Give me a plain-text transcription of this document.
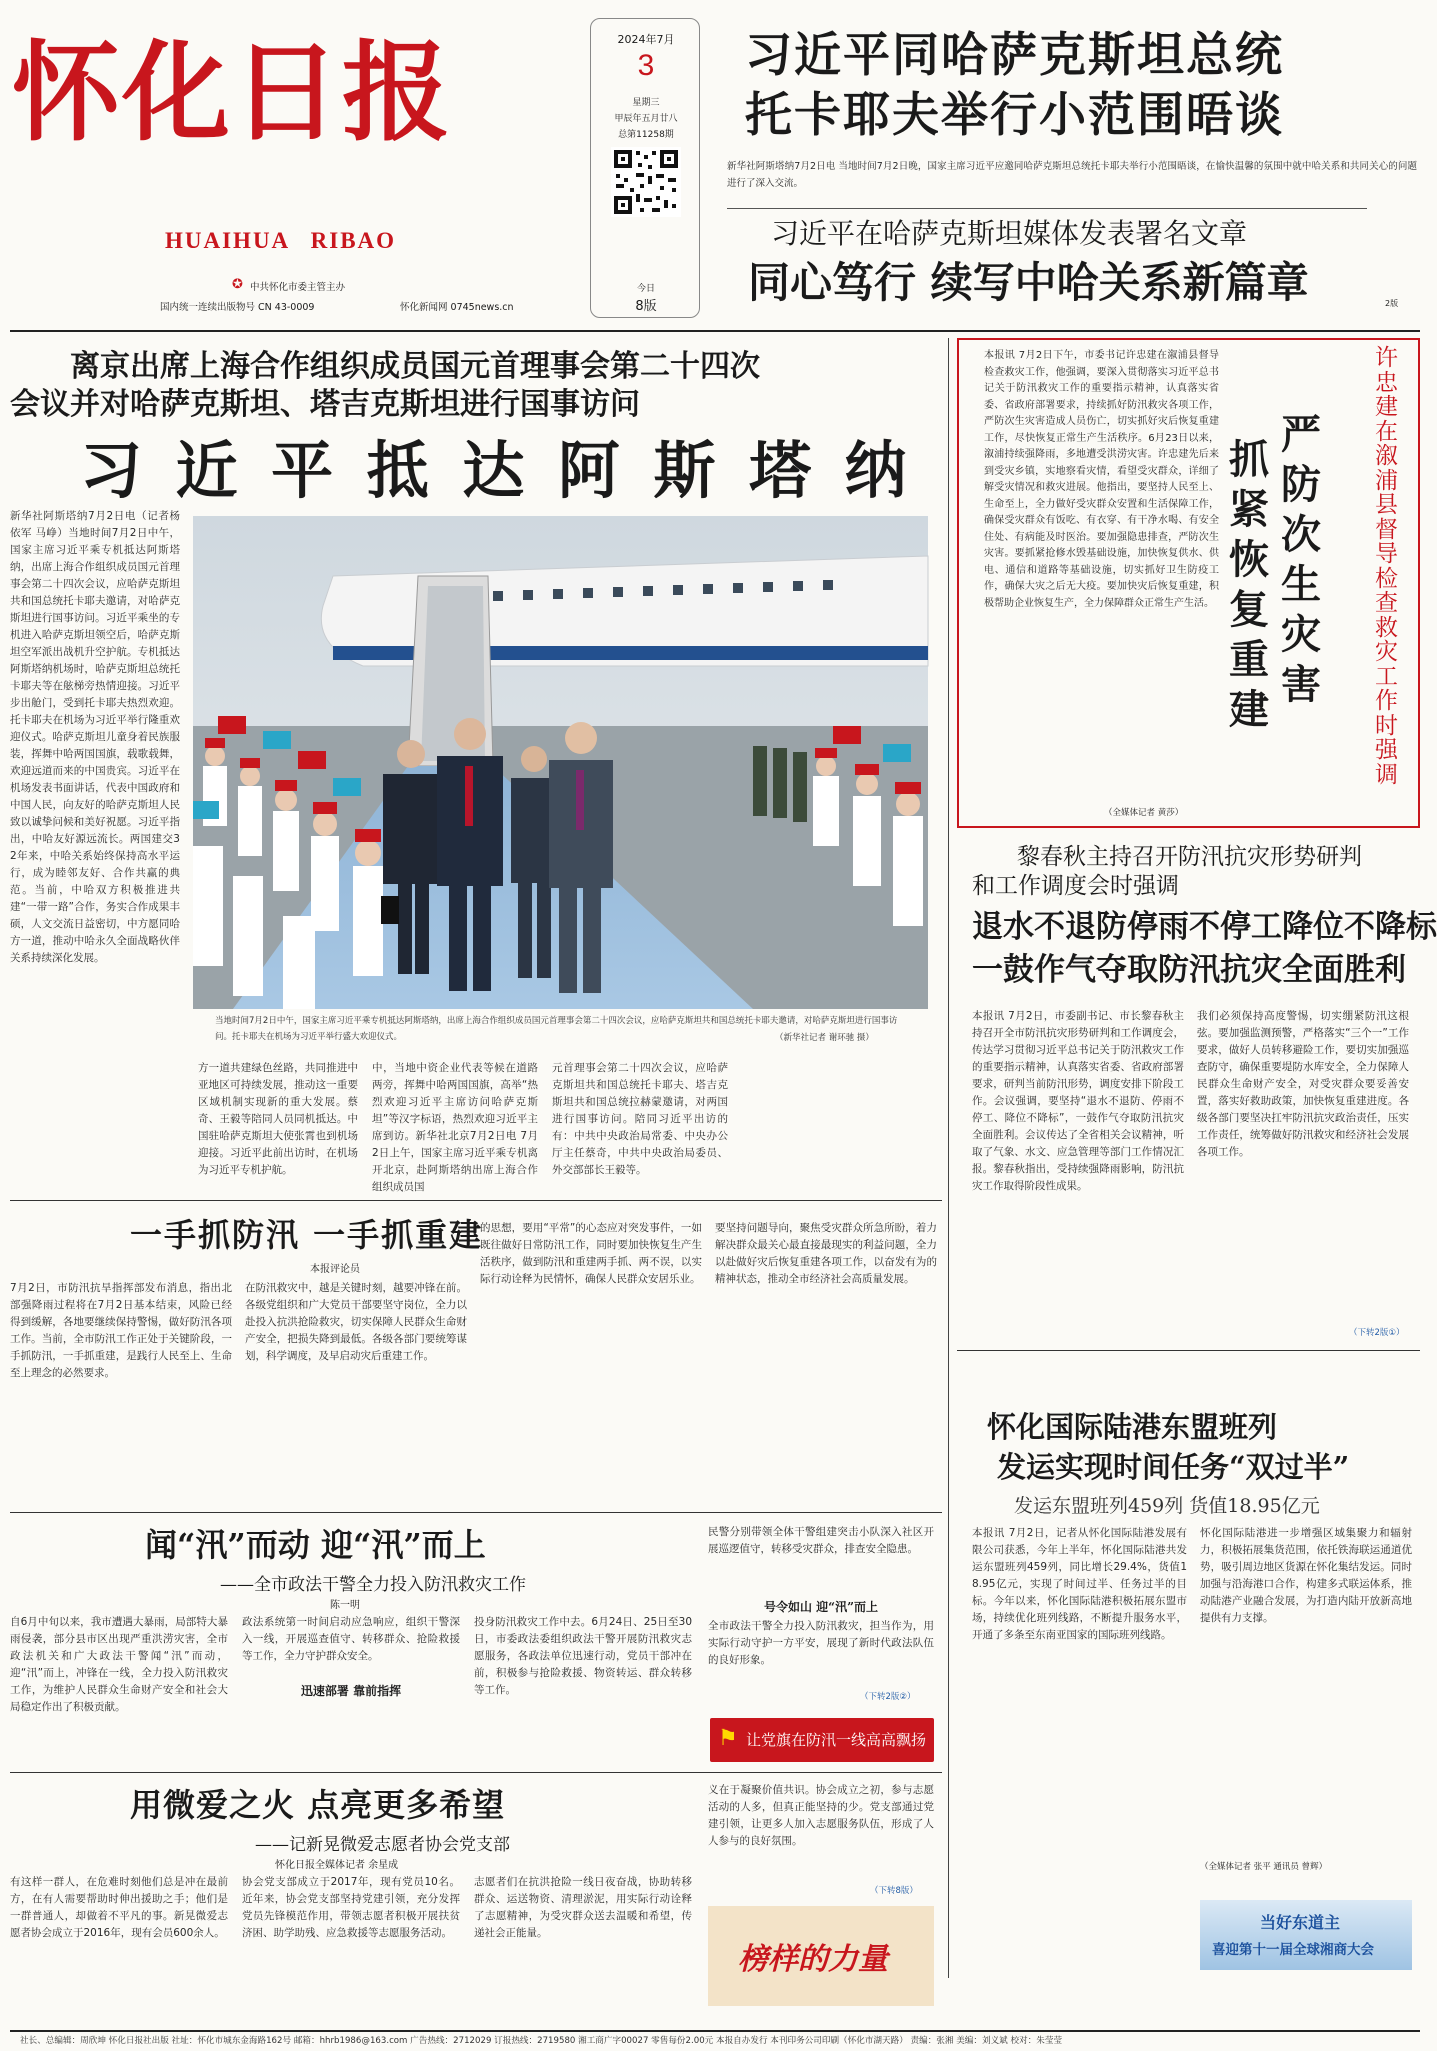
怀化日报
HUAIHUA RIBAO
✪ 中共怀化市委主管主办
国内统一连续出版物号 CN 43-0009	怀化新闻网 0745news.cn
2024年7月
3
星期三
甲辰年五月廿八
总第11258期
今日
8版
习近平同哈萨克斯坦总统
托卡耶夫举行小范围晤谈
新华社阿斯塔纳7月2日电 当地时间7月2日晚，国家主席习近平应邀同哈萨克斯坦总统托卡耶夫举行小范围晤谈，在愉快温馨的氛围中就中哈关系和共同关心的问题进行了深入交流。
习近平在哈萨克斯坦媒体发表署名文章
同心笃行 续写中哈关系新篇章	2版
离京出席上海合作组织成员国元首理事会第二十四次
会议并对哈萨克斯坦、塔吉克斯坦进行国事访问
习 近 平 抵 达 阿 斯 塔 纳
新华社阿斯塔纳7月2日电（记者杨依军 马峥）当地时间7月2日中午，国家主席习近平乘专机抵达阿斯塔纳，出席上海合作组织成员国元首理事会第二十四次会议，应哈萨克斯坦共和国总统托卡耶夫邀请，对哈萨克斯坦进行国事访问。习近平乘坐的专机进入哈萨克斯坦领空后，哈萨克斯坦空军派出战机升空护航。专机抵达阿斯塔纳机场时，哈萨克斯坦总统托卡耶夫等在舷梯旁热情迎接。习近平步出舱门，受到托卡耶夫热烈欢迎。托卡耶夫在机场为习近平举行隆重欢迎仪式。哈萨克斯坦儿童身着民族服装，挥舞中哈两国国旗，载歌载舞，欢迎远道而来的中国贵宾。习近平在机场发表书面讲话，代表中国政府和中国人民，向友好的哈萨克斯坦人民致以诚挚问候和美好祝愿。习近平指出，中哈友好源远流长。两国建交32年来，中哈关系始终保持高水平运行，成为睦邻友好、合作共赢的典范。当前，中哈双方积极推进共建“一带一路”合作，务实合作成果丰硕，人文交流日益密切，中方愿同哈方一道，推动中哈永久全面战略伙伴关系持续深化发展。
当地时间7月2日中午，国家主席习近平乘专机抵达阿斯塔纳，出席上海合作组织成员国元首理事会第二十四次会议，应哈萨克斯坦共和国总统托卡耶夫邀请，对哈萨克斯坦进行国事访问。托卡耶夫在机场为习近平举行盛大欢迎仪式。	（新华社记者 谢环驰 摄）
方一道共建绿色丝路，共同推进中亚地区可持续发展，推动这一重要区域机制实现新的重大发展。蔡奇、王毅等陪同人员同机抵达。中国驻哈萨克斯坦大使张霄也到机场迎接。习近平此前出访时，在机场为习近平专机护航。
中，当地中资企业代表等候在道路两旁，挥舞中哈两国国旗，高举“热烈欢迎习近平主席访问哈萨克斯坦”等汉字标语，热烈欢迎习近平主席到访。新华社北京7月2日电 7月2日上午，国家主席习近平乘专机离开北京，赴阿斯塔纳出席上海合作组织成员国
元首理事会第二十四次会议，应哈萨克斯坦共和国总统托卡耶夫、塔吉克斯坦共和国总统拉赫蒙邀请，对两国进行国事访问。陪同习近平出访的有：中共中央政治局常委、中央办公厅主任蔡奇，中共中央政治局委员、外交部部长王毅等。
本报讯 7月2日下午，市委书记许忠建在溆浦县督导检查救灾工作，他强调，要深入贯彻落实习近平总书记关于防汛救灾工作的重要指示精神，认真落实省委、省政府部署要求，持续抓好防汛救灾各项工作，严防次生灾害造成人员伤亡，切实抓好灾后恢复重建工作，尽快恢复正常生产生活秩序。6月23日以来，溆浦持续强降雨，多地遭受洪涝灾害。许忠建先后来到受灾乡镇，实地察看灾情，看望受灾群众，详细了解受灾情况和救灾进展。他指出，要坚持人民至上、生命至上，全力做好受灾群众安置和生活保障工作，确保受灾群众有饭吃、有衣穿、有干净水喝、有安全住处、有病能及时医治。要加强隐患排查，严防次生灾害。要抓紧抢修水毁基础设施，加快恢复供水、供电、通信和道路等基础设施，切实抓好卫生防疫工作，确保大灾之后无大疫。要加快灾后恢复重建，积极帮助企业恢复生产，全力保障群众正常生产生活。
（全媒体记者 黄莎）
严防次生灾害
抓紧恢复重建
许忠建在溆浦县督导检查救灾工作时强调
黎春秋主持召开防汛抗灾形势研判
和工作调度会时强调
退水不退防停雨不停工降位不降标
一鼓作气夺取防汛抗灾全面胜利
本报讯 7月2日，市委副书记、市长黎春秋主持召开全市防汛抗灾形势研判和工作调度会，传达学习贯彻习近平总书记关于防汛救灾工作的重要指示精神，认真落实省委、省政府部署要求，研判当前防汛形势，调度安排下阶段工作。会议强调，要坚持“退水不退防、停雨不停工、降位不降标”，一鼓作气夺取防汛抗灾全面胜利。会议传达了全省相关会议精神，听取了气象、水文、应急管理等部门工作情况汇报。黎春秋指出，受持续强降雨影响，防汛抗灾工作取得阶段性成果。
我们必须保持高度警惕，切实绷紧防汛这根弦。要加强监测预警，严格落实“三个一”工作要求，做好人员转移避险工作，要切实加强巡查防守，确保重要堤防水库安全，全力保障人民群众生命财产安全，对受灾群众要妥善安置，落实好救助政策，加快恢复重建进度。各级各部门要坚决扛牢防汛抗灾政治责任，压实工作责任，统筹做好防汛救灾和经济社会发展各项工作。
（下转2版①）
一手抓防汛 一手抓重建
本报评论员
7月2日，市防汛抗旱指挥部发布消息，指出北部强降雨过程将在7月2日基本结束，风险已经得到缓解，各地要继续保持警惕，做好防汛各项工作。当前，全市防汛工作正处于关键阶段，一手抓防汛，一手抓重建，是践行人民至上、生命至上理念的必然要求。
在防汛救灾中，越是关键时刻，越要冲锋在前。各级党组织和广大党员干部要坚守岗位，全力以赴投入抗洪抢险救灾，切实保障人民群众生命财产安全，把损失降到最低。各级各部门要统筹谋划，科学调度，及早启动灾后重建工作。
的思想，要用“平常”的心态应对突发事件，一如既往做好日常防汛工作，同时要加快恢复生产生活秩序，做到防汛和重建两手抓、两不误，以实际行动诠释为民情怀，确保人民群众安居乐业。
要坚持问题导向，聚焦受灾群众所急所盼，着力解决群众最关心最直接最现实的利益问题，全力以赴做好灾后恢复重建各项工作，以奋发有为的精神状态，推动全市经济社会高质量发展。
闻“汛”而动 迎“汛”而上
——全市政法干警全力投入防汛救灾工作
陈一明
自6月中旬以来，我市遭遇大暴雨，局部特大暴雨侵袭，部分县市区出现严重洪涝灾害，全市政法机关和广大政法干警闻“汛”而动，迎“汛”而上，冲锋在一线，全力投入防汛救灾工作，为维护人民群众生命财产安全和社会大局稳定作出了积极贡献。
政法系统第一时间启动应急响应，组织干警深入一线，开展巡查值守、转移群众、抢险救援等工作，全力守护群众安全。
迅速部署 靠前指挥
投身防汛救灾工作中去。6月24日、25日至30日，市委政法委组织政法干警开展防汛救灾志愿服务，各政法单位迅速行动，党员干部冲在前，积极参与抢险救援、物资转运、群众转移等工作。
民警分别带领全体干警组建突击小队深入社区开展巡逻值守，转移受灾群众，排查安全隐患。
号令如山 迎“汛”而上
全市政法干警全力投入防汛救灾，担当作为，用实际行动守护一方平安，展现了新时代政法队伍的良好形象。
（下转2版②）
⚑ 让党旗在防汛一线高高飘扬
用微爱之火 点亮更多希望
——记新晃微爱志愿者协会党支部
怀化日报全媒体记者 余星成
有这样一群人，在危难时刻他们总是冲在最前方，在有人需要帮助时伸出援助之手；他们是一群普通人，却做着不平凡的事。新晃微爱志愿者协会成立于2016年，现有会员600余人。
协会党支部成立于2017年，现有党员10名。近年来，协会党支部坚持党建引领，充分发挥党员先锋模范作用，带领志愿者积极开展扶贫济困、助学助残、应急救援等志愿服务活动。
志愿者们在抗洪抢险一线日夜奋战，协助转移群众、运送物资、清理淤泥，用实际行动诠释了志愿精神，为受灾群众送去温暖和希望，传递社会正能量。
义在于凝聚价值共识。协会成立之初，参与志愿活动的人多，但真正能坚持的少。党支部通过党建引领，让更多人加入志愿服务队伍，形成了人人参与的良好氛围。
（下转8版）
榜样的力量
怀化国际陆港东盟班列
发运实现时间任务“双过半”
发运东盟班列459列 货值18.95亿元
本报讯 7月2日，记者从怀化国际陆港发展有限公司获悉，今年上半年，怀化国际陆港共发运东盟班列459列，同比增长29.4%，货值18.95亿元，实现了时间过半、任务过半的目标。今年以来，怀化国际陆港积极拓展东盟市场，持续优化班列线路，不断提升服务水平，开通了多条至东南亚国家的国际班列线路。
怀化国际陆港进一步增强区域集聚力和辐射力，积极拓展集货范围，依托铁海联运通道优势，吸引周边地区货源在怀化集结发运。同时加强与沿海港口合作，构建多式联运体系，推动陆港产业融合发展，为打造内陆开放新高地提供有力支撑。
（全媒体记者 张平 通讯员 曾辉）
当好东道主
喜迎第十一届全球湘商大会
社长、总编辑：周欣坤 怀化日报社出版 社址：怀化市城东金海路162号 邮箱：hhrb1986@163.com 广告热线：2712029 订报热线：2719580 湘工商广字00027 零售每份2.00元 本报自办发行 本刊印务公司印刷（怀化市湖天路） 责编：张湘 美编：刘义斌 校对：朱莹莹
